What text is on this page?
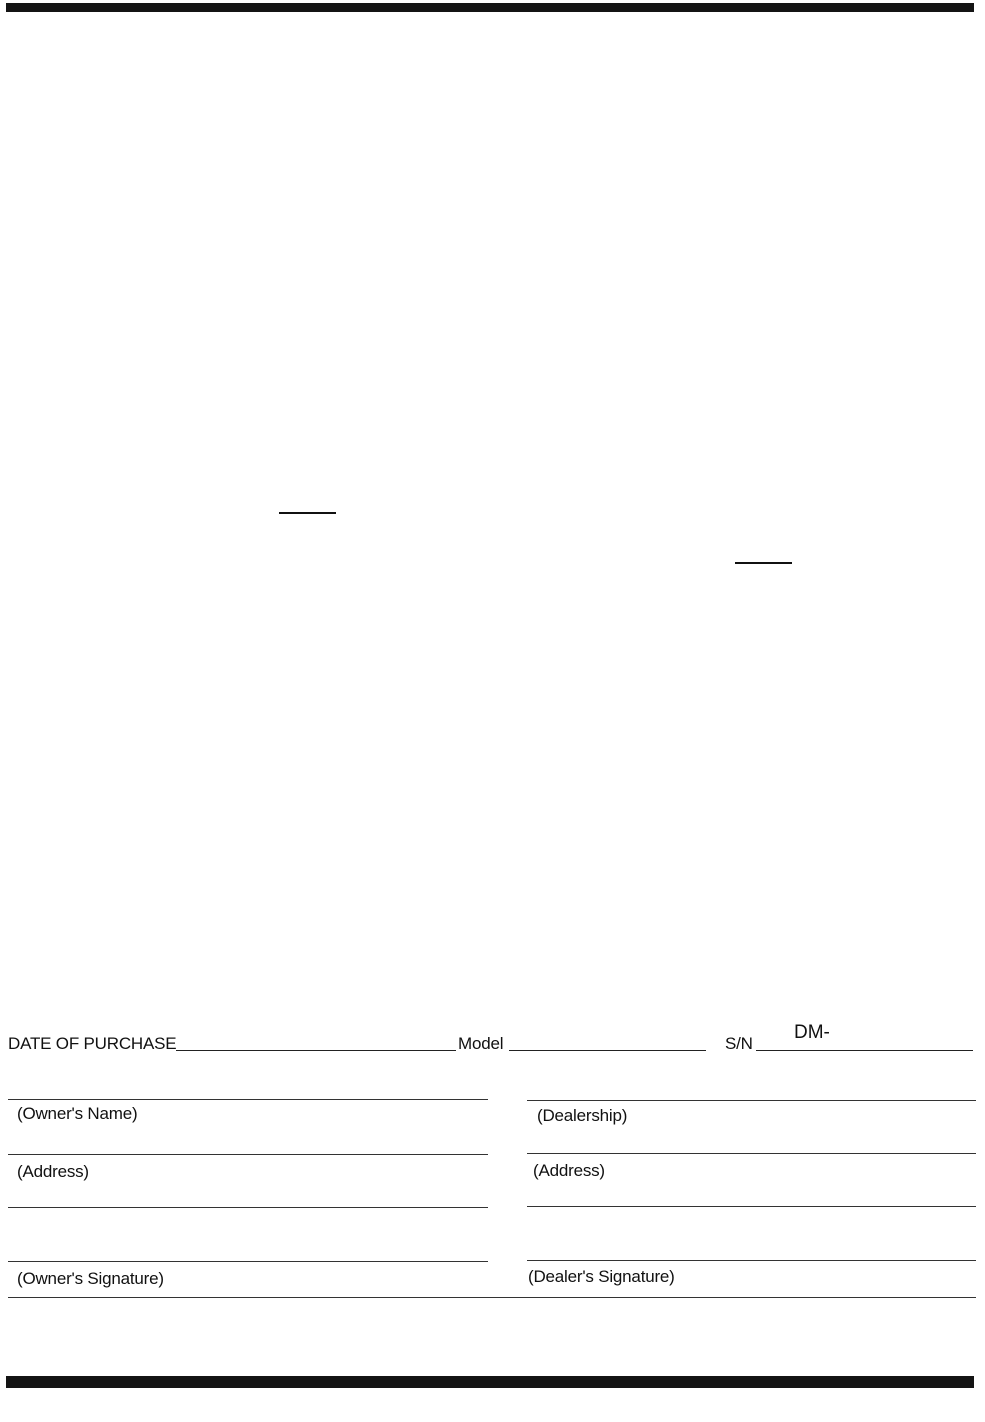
DATE OF PURCHASE	Model	S/N
DM-
(Owner's Name)
(Address)
(Owner's Signature)
(Dealership)
(Address)
(Dealer's Signature)
